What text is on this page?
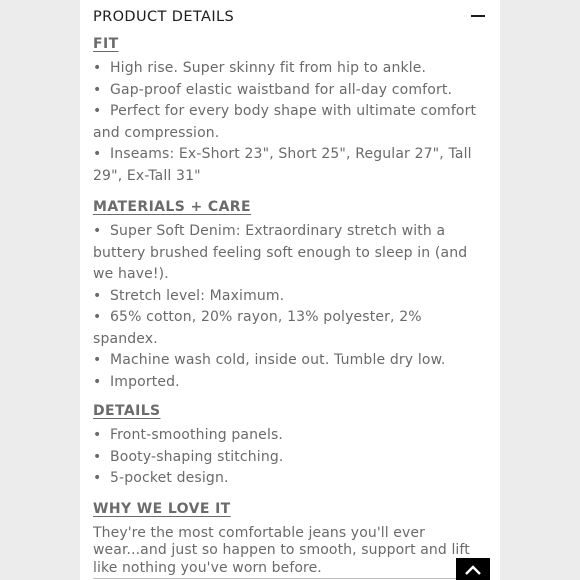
PRODUCT DETAILS
FIT
• High rise. Super skinny fit from hip to ankle.
• Gap-proof elastic waistband for all-day comfort.
• Perfect for every body shape with ultimate comfort and compression.
• Inseams: Ex-Short 23", Short 25", Regular 27", Tall 29", Ex-Tall 31"
MATERIALS + CARE
• Super Soft Denim: Extraordinary stretch with a buttery brushed feeling soft enough to sleep in (and we have!).
• Stretch level: Maximum.
• 65% cotton, 20% rayon, 13% polyester, 2% spandex.
• Machine wash cold, inside out. Tumble dry low.
• Imported.
DETAILS
• Front-smoothing panels.
• Booty-shaping stitching.
• 5-pocket design.
WHY WE LOVE IT

They're the most comfortable jeans you'll ever wear...and just so happen to smooth, support and lift like nothing you've worn before.
